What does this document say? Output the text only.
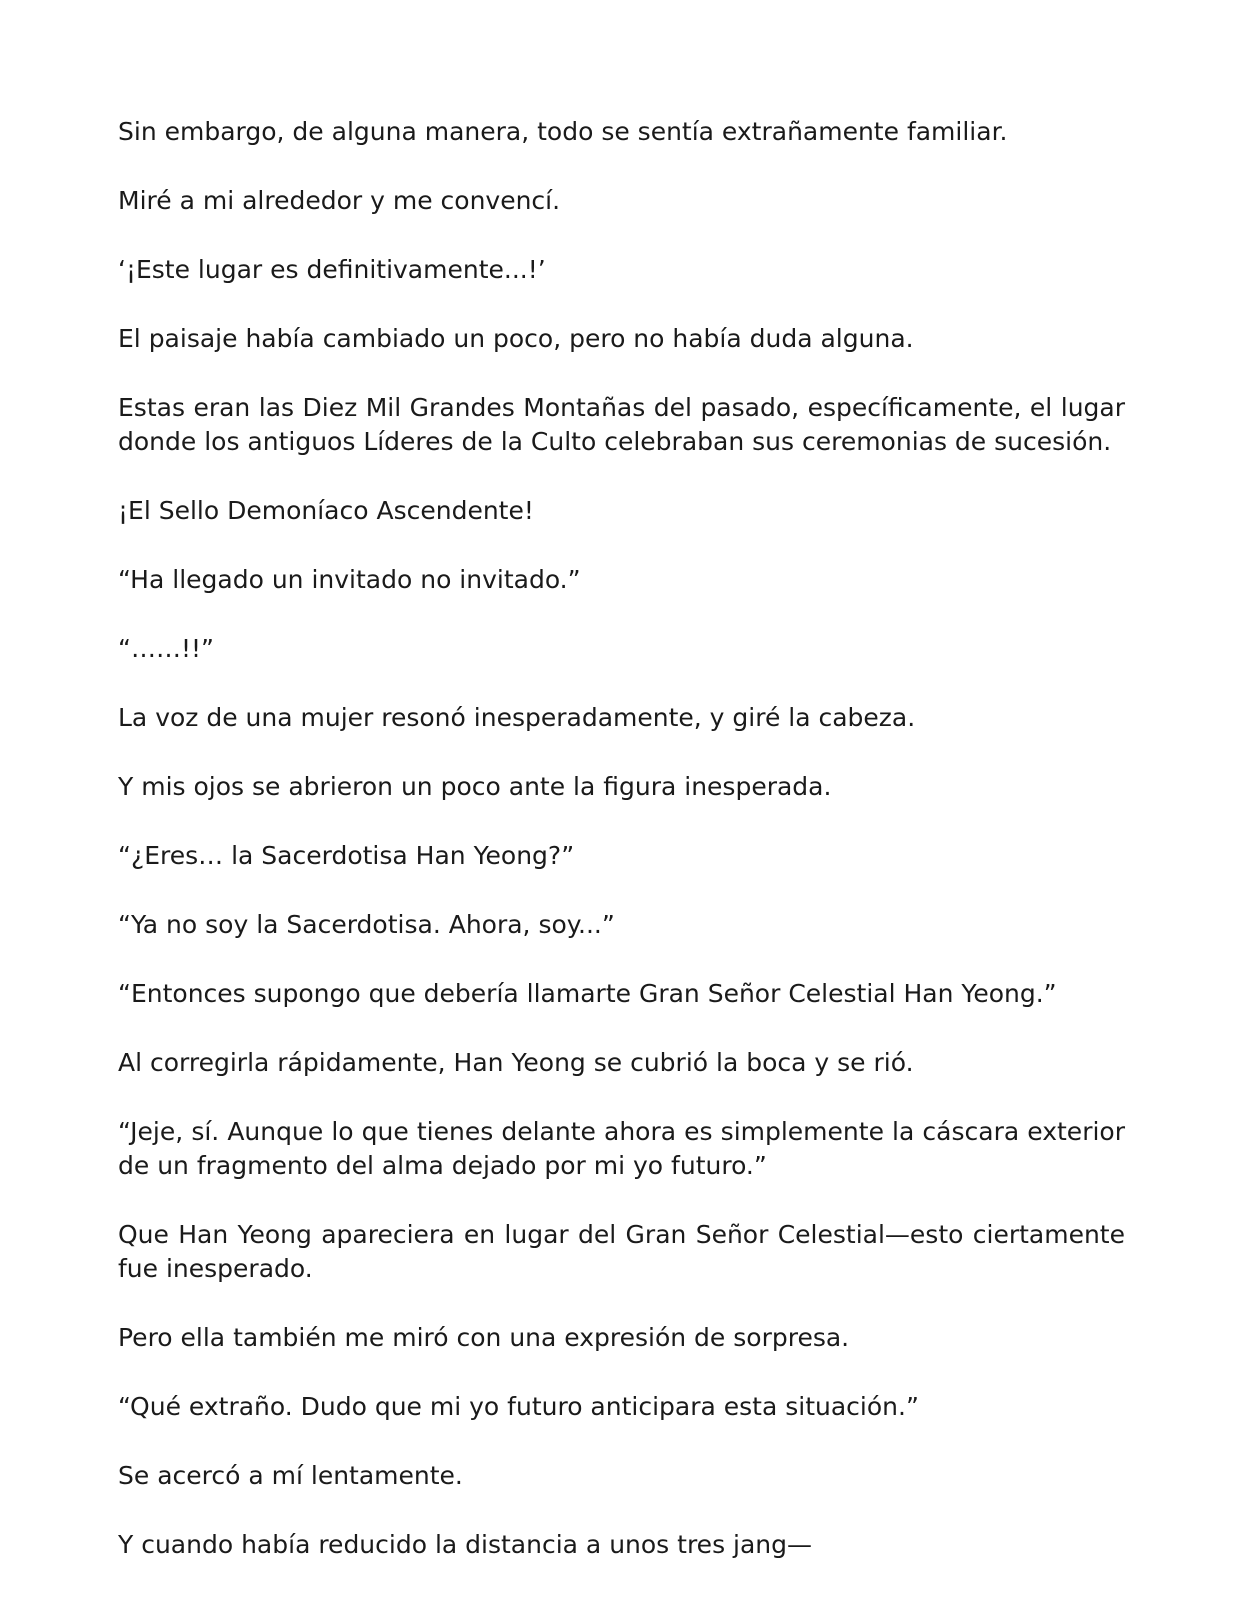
Sin embargo, de alguna manera, todo se sentía extrañamente familiar.

Miré a mi alrededor y me convencí.

‘¡Este lugar es definitivamente...!’

El paisaje había cambiado un poco, pero no había duda alguna.

Estas eran las Diez Mil Grandes Montañas del pasado, específicamente, el lugar donde los antiguos Líderes de la Culto celebraban sus ceremonias de sucesión.

¡El Sello Demoníaco Ascendente!

“Ha llegado un invitado no invitado.”

“……!!”

La voz de una mujer resonó inesperadamente, y giré la cabeza.

Y mis ojos se abrieron un poco ante la figura inesperada.

“¿Eres… la Sacerdotisa Han Yeong?”

“Ya no soy la Sacerdotisa. Ahora, soy...”

“Entonces supongo que debería llamarte Gran Señor Celestial Han Yeong.”

Al corregirla rápidamente, Han Yeong se cubrió la boca y se rió.

“Jeje, sí. Aunque lo que tienes delante ahora es simplemente la cáscara exterior de un fragmento del alma dejado por mi yo futuro.”

Que Han Yeong apareciera en lugar del Gran Señor Celestial—esto ciertamente fue inesperado.

Pero ella también me miró con una expresión de sorpresa.

“Qué extraño. Dudo que mi yo futuro anticipara esta situación.”

Se acercó a mí lentamente.

Y cuando había reducido la distancia a unos tres jang—
